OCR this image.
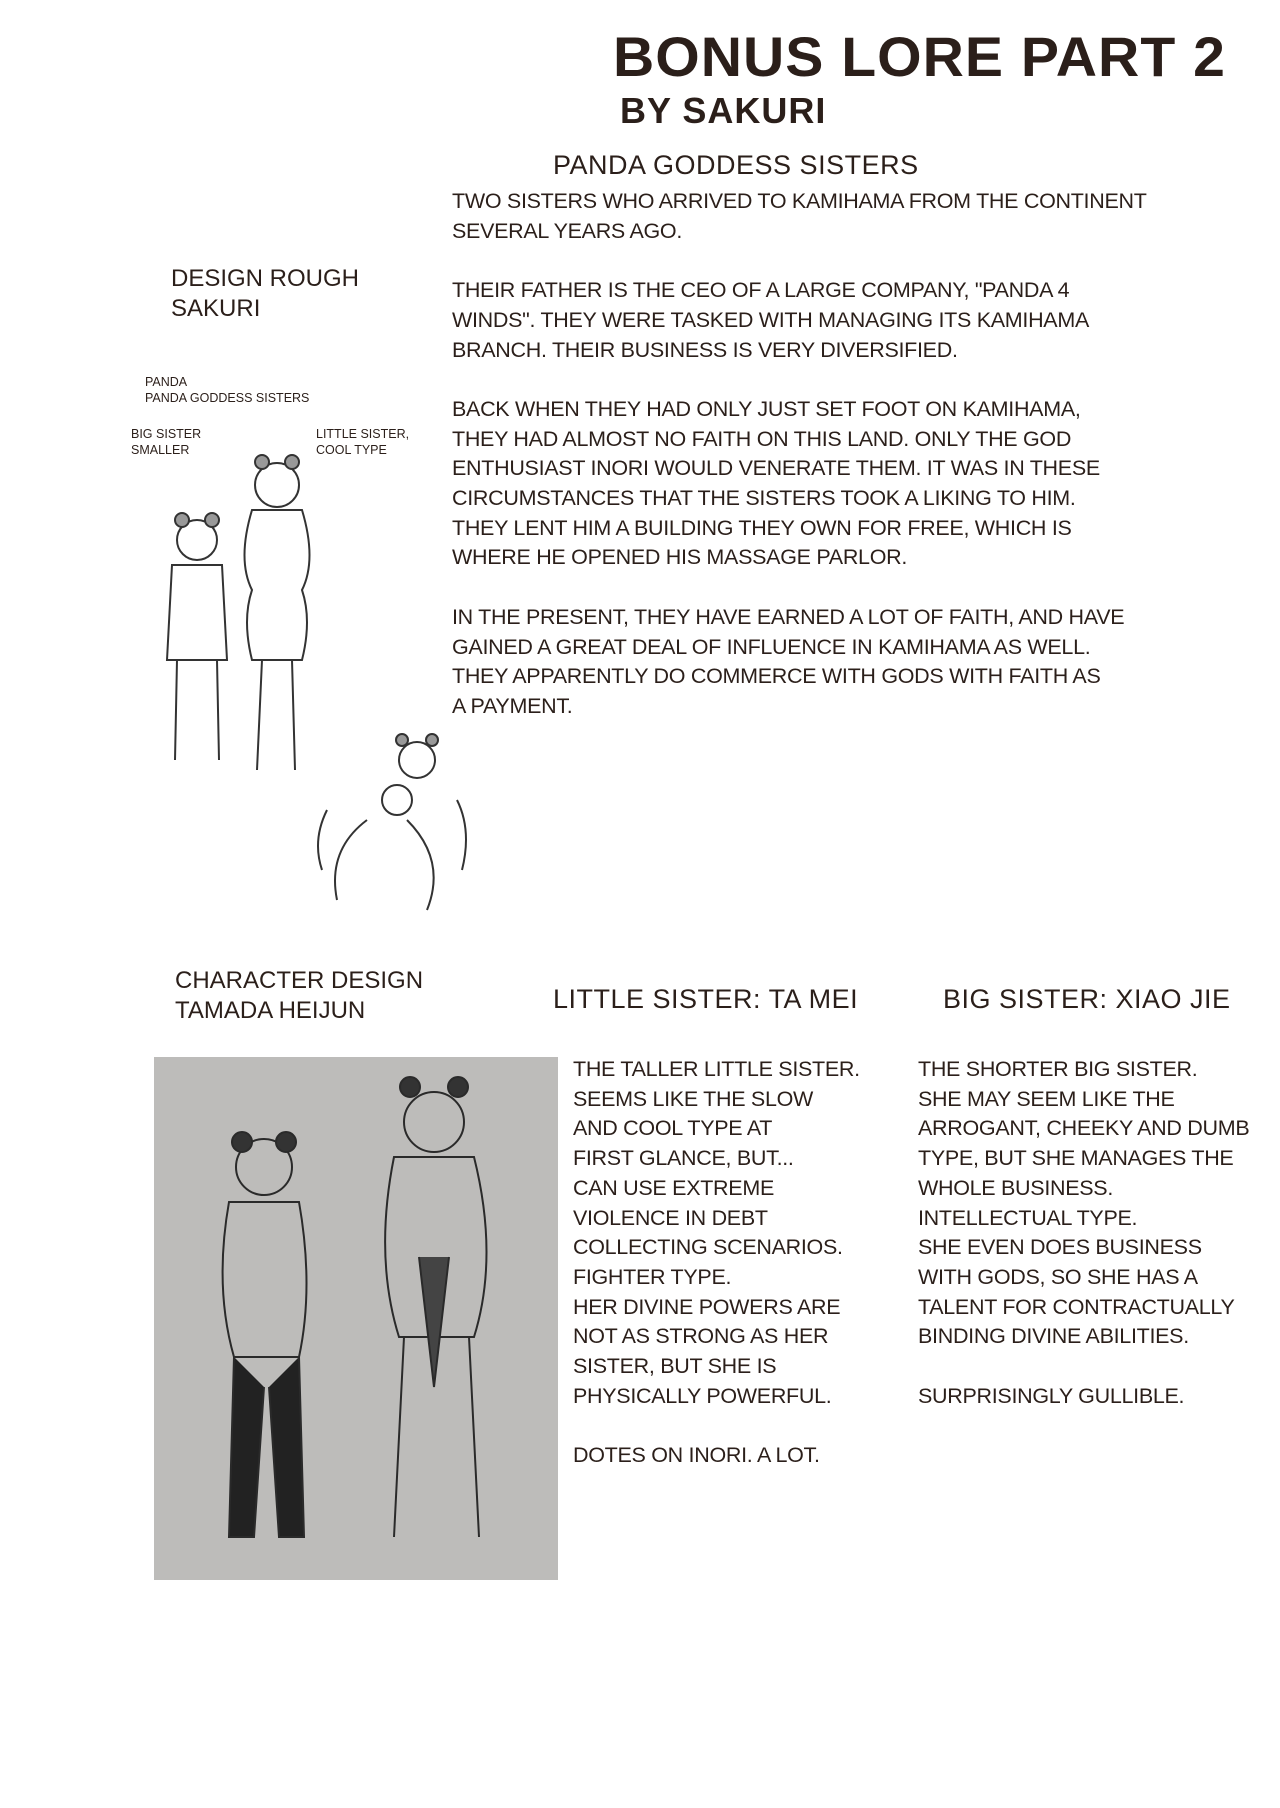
BONUS LORE PART 2
BY SAKURI
PANDA GODDESS SISTERS
TWO SISTERS WHO ARRIVED TO KAMIHAMA FROM THE CONTINENT
SEVERAL YEARS AGO.
THEIR FATHER IS THE CEO OF A LARGE COMPANY, "PANDA 4
WINDS". THEY WERE TASKED WITH MANAGING ITS KAMIHAMA
BRANCH. THEIR BUSINESS IS VERY DIVERSIFIED.
BACK WHEN THEY HAD ONLY JUST SET FOOT ON KAMIHAMA,
THEY HAD ALMOST NO FAITH ON THIS LAND. ONLY THE GOD
ENTHUSIAST INORI WOULD VENERATE THEM. IT WAS IN THESE
CIRCUMSTANCES THAT THE SISTERS TOOK A LIKING TO HIM.
THEY LENT HIM A BUILDING THEY OWN FOR FREE, WHICH IS
WHERE HE OPENED HIS MASSAGE PARLOR.
IN THE PRESENT, THEY HAVE EARNED A LOT OF FAITH, AND HAVE
GAINED A GREAT DEAL OF INFLUENCE IN KAMIHAMA AS WELL.
THEY APPARENTLY DO COMMERCE WITH GODS WITH FAITH AS
A PAYMENT.
DESIGN ROUGH
SAKURI
PANDA
PANDA GODDESS SISTERS
BIG SISTER
SMALLER
LITTLE SISTER,
COOL TYPE
CHARACTER DESIGN
TAMADA HEIJUN	LITTLE SISTER: TA MEI	BIG SISTER: XIAO JIE
THE TALLER LITTLE SISTER.
SEEMS LIKE THE SLOW
AND COOL TYPE AT
FIRST GLANCE, BUT...
CAN USE EXTREME
VIOLENCE IN DEBT
COLLECTING SCENARIOS.
FIGHTER TYPE.
HER DIVINE POWERS ARE
NOT AS STRONG AS HER
SISTER, BUT SHE IS
PHYSICALLY POWERFUL.

DOTES ON INORI. A LOT.
THE SHORTER BIG SISTER.
SHE MAY SEEM LIKE THE
ARROGANT, CHEEKY AND DUMB
TYPE, BUT SHE MANAGES THE
WHOLE BUSINESS.
INTELLECTUAL TYPE.
SHE EVEN DOES BUSINESS
WITH GODS, SO SHE HAS A
TALENT FOR CONTRACTUALLY
BINDING DIVINE ABILITIES.

SURPRISINGLY GULLIBLE.
